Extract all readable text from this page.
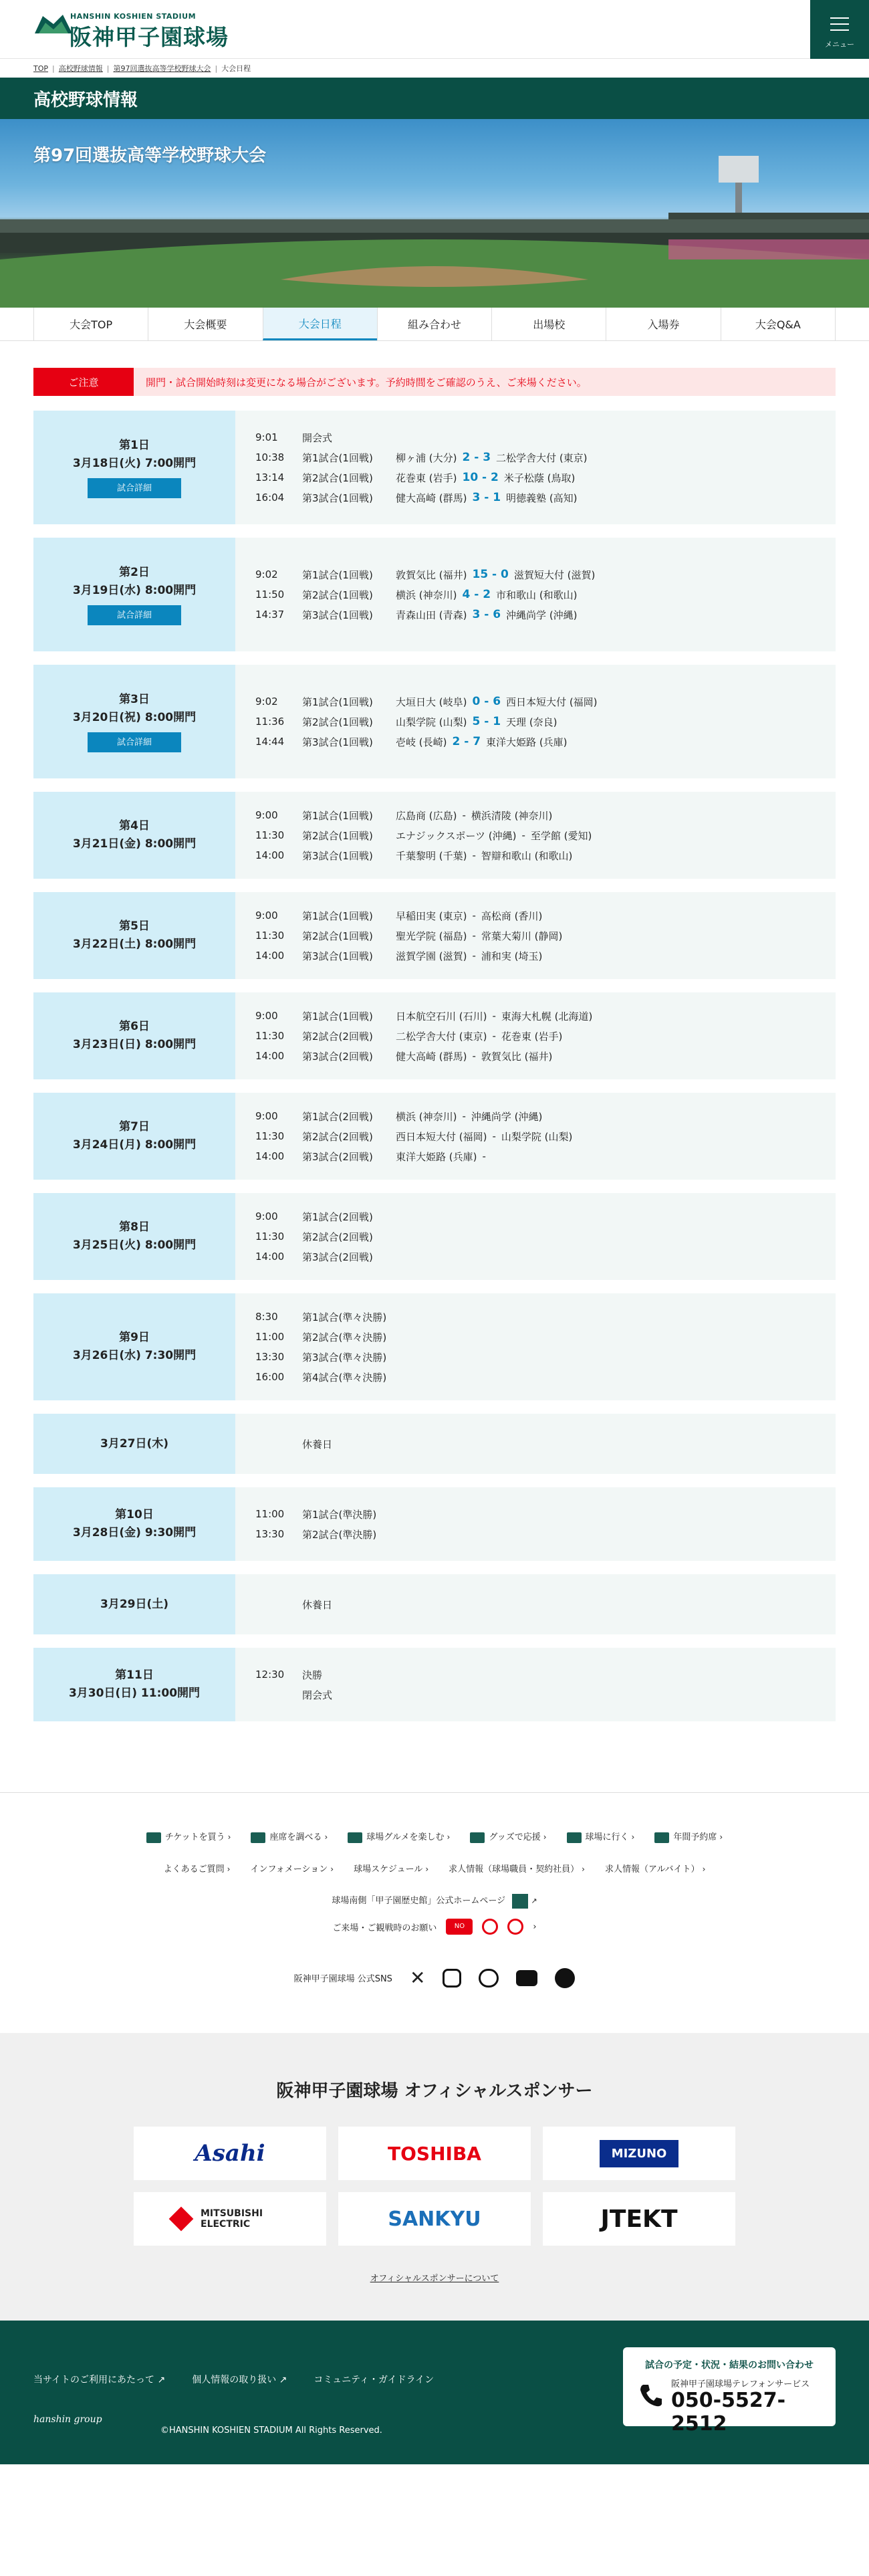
HANSHIN KOSHIEN STADIUM
阪神甲子園球場	メニュー
TOP | 高校野球情報 | 第97回選抜高等学校野球大会 | 大会日程
高校野球情報
第97回選抜高等学校野球大会
大会TOP	大会概要	大会日程	組み合わせ	出場校	入場券	大会Q&A
ご注意	開門・試合開始時刻は変更になる場合がございます。予約時間をご確認のうえ、ご来場ください。
第1日
3月18日(火) 7:00開門
試合詳細
9:01	開会式
10:38	第1試合(1回戦)	柳ヶ浦 (大分) 2 - 3 二松学舎大付 (東京)
13:14	第2試合(1回戦)	花巻東 (岩手) 10 - 2 米子松蔭 (鳥取)
16:04	第3試合(1回戦)	健大高崎 (群馬) 3 - 1 明徳義塾 (高知)
第2日
3月19日(水) 8:00開門
試合詳細
9:02	第1試合(1回戦)	敦賀気比 (福井) 15 - 0 滋賀短大付 (滋賀)
11:50	第2試合(1回戦)	横浜 (神奈川) 4 - 2 市和歌山 (和歌山)
14:37	第3試合(1回戦)	青森山田 (青森) 3 - 6 沖縄尚学 (沖縄)
第3日
3月20日(祝) 8:00開門
試合詳細
9:02	第1試合(1回戦)	大垣日大 (岐阜) 0 - 6 西日本短大付 (福岡)
11:36	第2試合(1回戦)	山梨学院 (山梨) 5 - 1 天理 (奈良)
14:44	第3試合(1回戦)	壱岐 (長崎) 2 - 7 東洋大姫路 (兵庫)
第4日
3月21日(金) 8:00開門
9:00	第1試合(1回戦)	広島商 (広島) - 横浜清陵 (神奈川)
11:30	第2試合(1回戦)	エナジックスポーツ (沖縄) - 至学館 (愛知)
14:00	第3試合(1回戦)	千葉黎明 (千葉) - 智辯和歌山 (和歌山)
第5日
3月22日(土) 8:00開門
9:00	第1試合(1回戦)	早稲田実 (東京) - 高松商 (香川)
11:30	第2試合(1回戦)	聖光学院 (福島) - 常葉大菊川 (静岡)
14:00	第3試合(1回戦)	滋賀学園 (滋賀) - 浦和実 (埼玉)
第6日
3月23日(日) 8:00開門
9:00	第1試合(1回戦)	日本航空石川 (石川) - 東海大札幌 (北海道)
11:30	第2試合(2回戦)	二松学舎大付 (東京) - 花巻東 (岩手)
14:00	第3試合(2回戦)	健大高崎 (群馬) - 敦賀気比 (福井)
第7日
3月24日(月) 8:00開門
9:00	第1試合(2回戦)	横浜 (神奈川) - 沖縄尚学 (沖縄)
11:30	第2試合(2回戦)	西日本短大付 (福岡) - 山梨学院 (山梨)
14:00	第3試合(2回戦)	東洋大姫路 (兵庫) -
第8日
3月25日(火) 8:00開門
9:00	第1試合(2回戦)
11:30	第2試合(2回戦)
14:00	第3試合(2回戦)
第9日
3月26日(水) 7:30開門
8:30	第1試合(準々決勝)
11:00	第2試合(準々決勝)
13:30	第3試合(準々決勝)
16:00	第4試合(準々決勝)
3月27日(木)	休養日
第10日
3月28日(金) 9:30開門
11:00	第1試合(準決勝)
13:30	第2試合(準決勝)
3月29日(土)	休養日
第11日
3月30日(日) 11:00開門
12:30	決勝
閉会式
チケットを買う ›	座席を調べる ›	球場グルメを楽しむ ›	グッズで応援 ›	球場に行く ›	年間予約席 ›
よくあるご質問 › インフォメーション › 球場スケジュール › 求人情報（球場職員・契約社員） › 求人情報（アルバイト） ›
球場南側「甲子園歴史館」公式ホームページ	↗
ご来場・ご観戦時のお願い	NO	›
阪神甲子園球場 公式SNS ✕
阪神甲子園球場 オフィシャルスポンサー
Asahi	TOSHIBA	MIZUNO
MITSUBISHI ELECTRIC	SANKYU	JTEKT
オフィシャルスポンサーについて
当サイトのご利用にあたって ↗	個人情報の取り扱い ↗	コミュニティ・ガイドライン
hanshin group
©HANSHIN KOSHIEN STADIUM All Rights Reserved.
試合の予定・状況・結果のお問い合わせ
阪神甲子園球場テレフォンサービス
050-5527-2512
